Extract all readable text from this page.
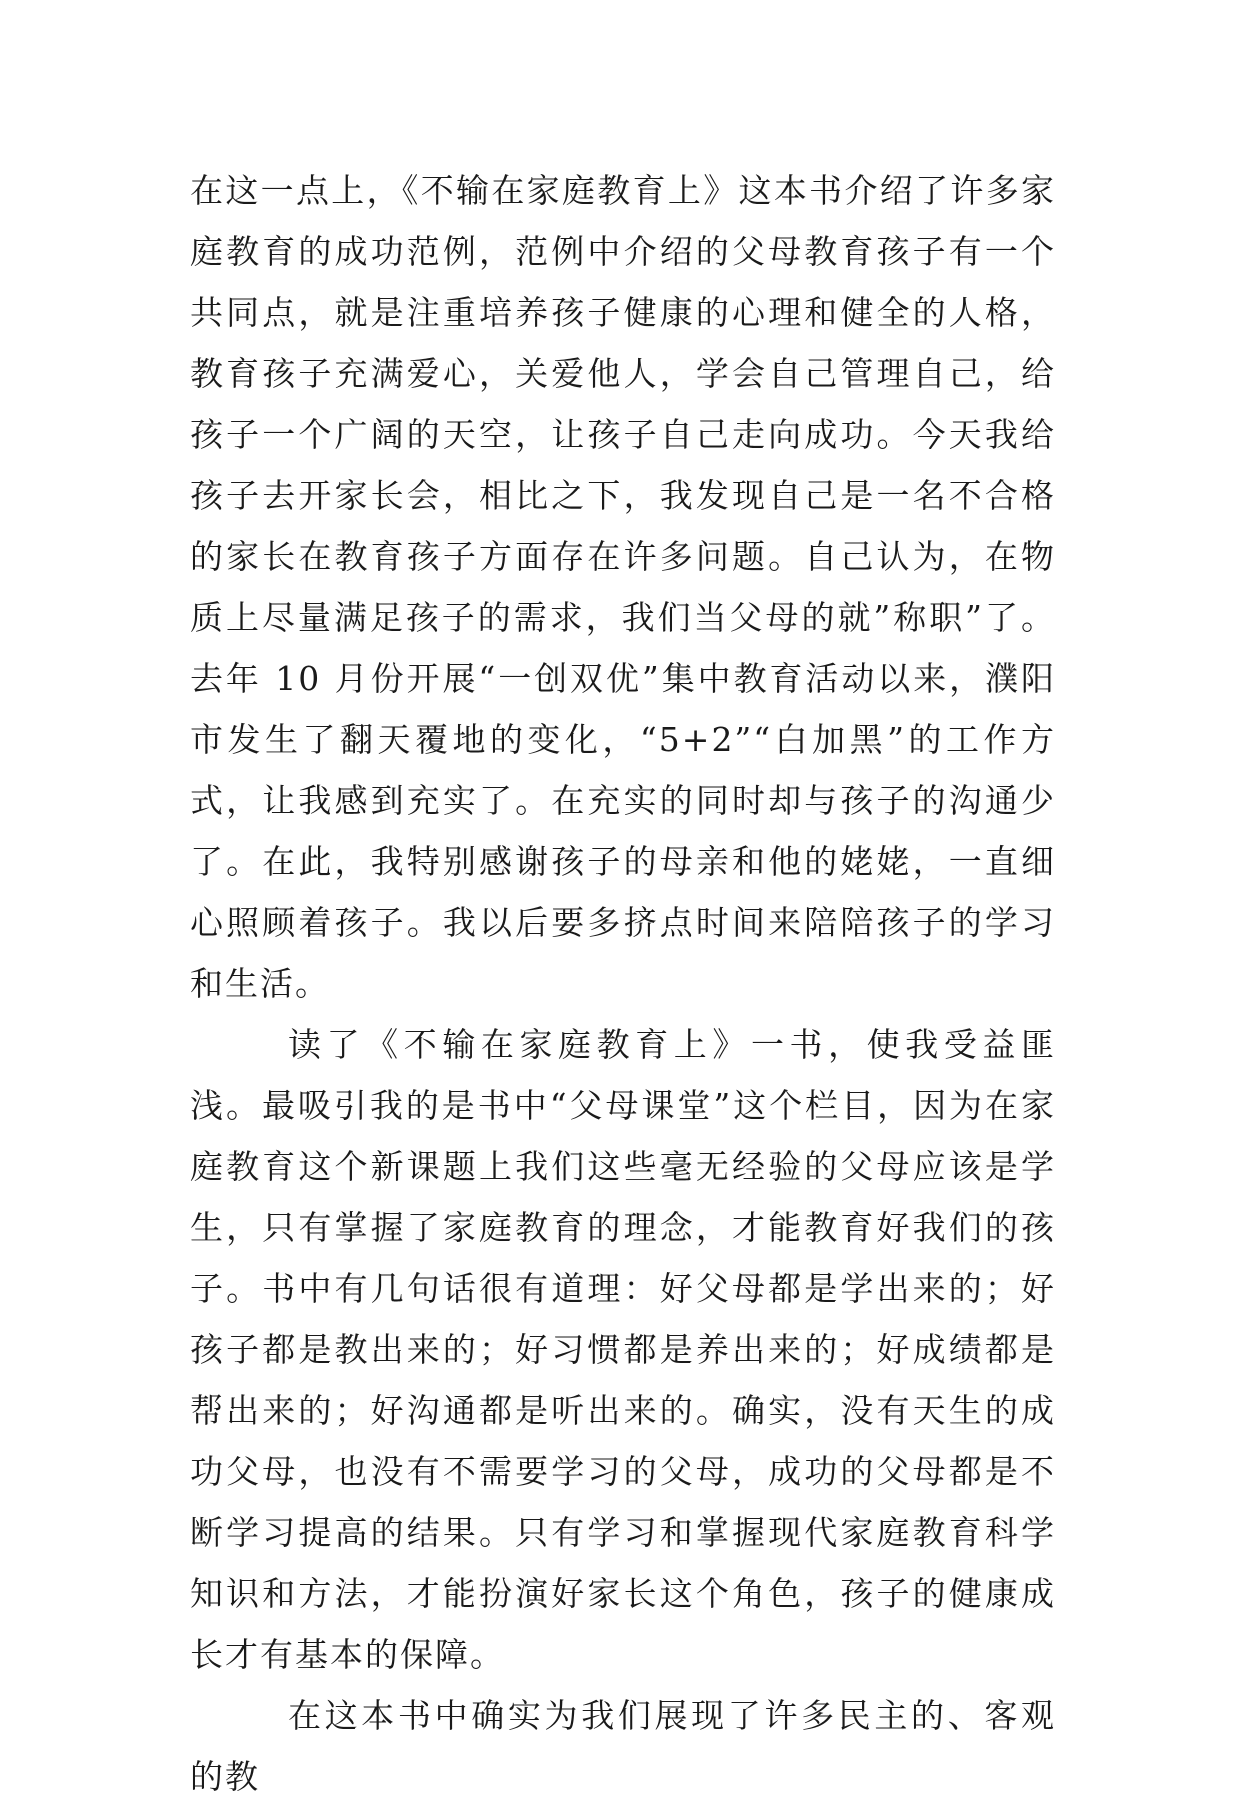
在这一点上，《不输在家庭教育上》这本书介绍了许多家庭教育的成功范例，范例中介绍的父母教育孩子有一个共同点，就是注重培养孩子健康的心理和健全的人格，教育孩子充满爱心，关爱他人，学会自己管理自己，给孩子一个广阔的天空，让孩子自己走向成功。今天我给孩子去开家长会，相比之下，我发现自己是一名不合格的家长在教育孩子方面存在许多问题。自己认为，在物质上尽量满足孩子的需求，我们当父母的就”称职”了。去年 10 月份开展“一创双优”集中教育活动以来，濮阳市发生了翻天覆地的变化，“5+2”“白加黑”的工作方式，让我感到充实了。在充实的同时却与孩子的沟通少了。在此，我特别感谢孩子的母亲和他的姥姥，一直细心照顾着孩子。我以后要多挤点时间来陪陪孩子的学习和生活。

读了《不输在家庭教育上》一书，使我受益匪浅。最吸引我的是书中“父母课堂”这个栏目，因为在家庭教育这个新课题上我们这些毫无经验的父母应该是学生，只有掌握了家庭教育的理念，才能教育好我们的孩子。书中有几句话很有道理：好父母都是学出来的；好孩子都是教出来的；好习惯都是养出来的；好成绩都是帮出来的；好沟通都是听出来的。确实，没有天生的成功父母，也没有不需要学习的父母，成功的父母都是不断学习提高的结果。只有学习和掌握现代家庭教育科学知识和方法，才能扮演好家长这个角色，孩子的健康成长才有基本的保障。

在这本书中确实为我们展现了许多民主的、客观的教
